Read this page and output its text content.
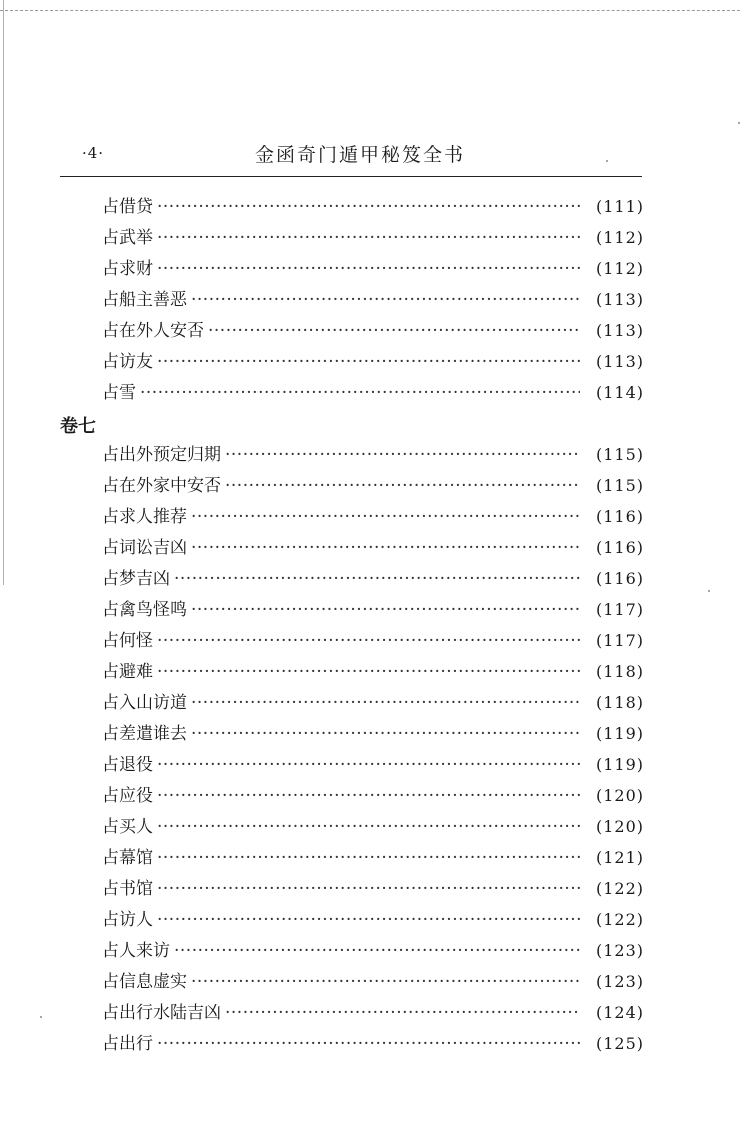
·4·	金函奇门遁甲秘笈全书
占借贷 ·····	(111)
占武举 ·····	(112)
占求财 ·····	(112)
占船主善恶 ·····	(113)
占在外人安否 ·····	(113)
占访友 ·····	(113)
占雪 ·····	(114)
卷七
占出外预定归期 ·····	(115)
占在外家中安否 ·····	(115)
占求人推荐 ·····	(116)
占词讼吉凶 ·····	(116)
占梦吉凶 ·····	(116)
占禽鸟怪鸣 ·····	(117)
占何怪 ·····	(117)
占避难 ·····	(118)
占入山访道 ·····	(118)
占差遣谁去 ·····	(119)
占退役 ·····	(119)
占应役 ·····	(120)
占买人 ·····	(120)
占幕馆 ·····	(121)
占书馆 ·····	(122)
占访人 ·····	(122)
占人来访 ·····	(123)
占信息虚实 ·····	(123)
占出行水陆吉凶 ·····	(124)
占出行 ·····	(125)
